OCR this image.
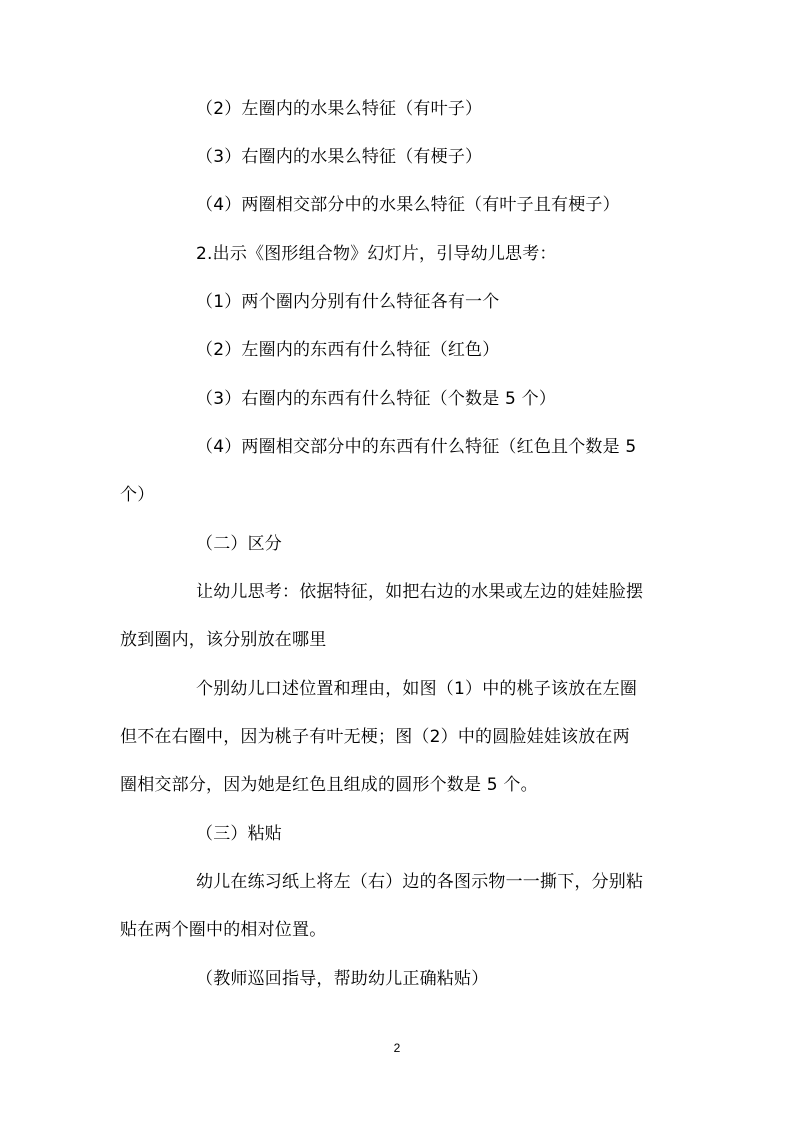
（2）左圈内的水果么特征（有叶子）
（3）右圈内的水果么特征（有梗子）
（4）两圈相交部分中的水果么特征（有叶子且有梗子）
2.出示《图形组合物》幻灯片，引导幼儿思考：
（1）两个圈内分别有什么特征各有一个
（2）左圈内的东西有什么特征（红色）
（3）右圈内的东西有什么特征（个数是 5 个）
（4）两圈相交部分中的东西有什么特征（红色且个数是 5
个）
（二）区分
让幼儿思考：依据特征，如把右边的水果或左边的娃娃脸摆
放到圈内，该分别放在哪里
个别幼儿口述位置和理由，如图（1）中的桃子该放在左圈
但不在右圈中，因为桃子有叶无梗；图（2）中的圆脸娃娃该放在两
圈相交部分，因为她是红色且组成的圆形个数是 5 个。
（三）粘贴
幼儿在练习纸上将左（右）边的各图示物一一撕下，分别粘
贴在两个圈中的相对位置。
（教师巡回指导，帮助幼儿正确粘贴）
2
